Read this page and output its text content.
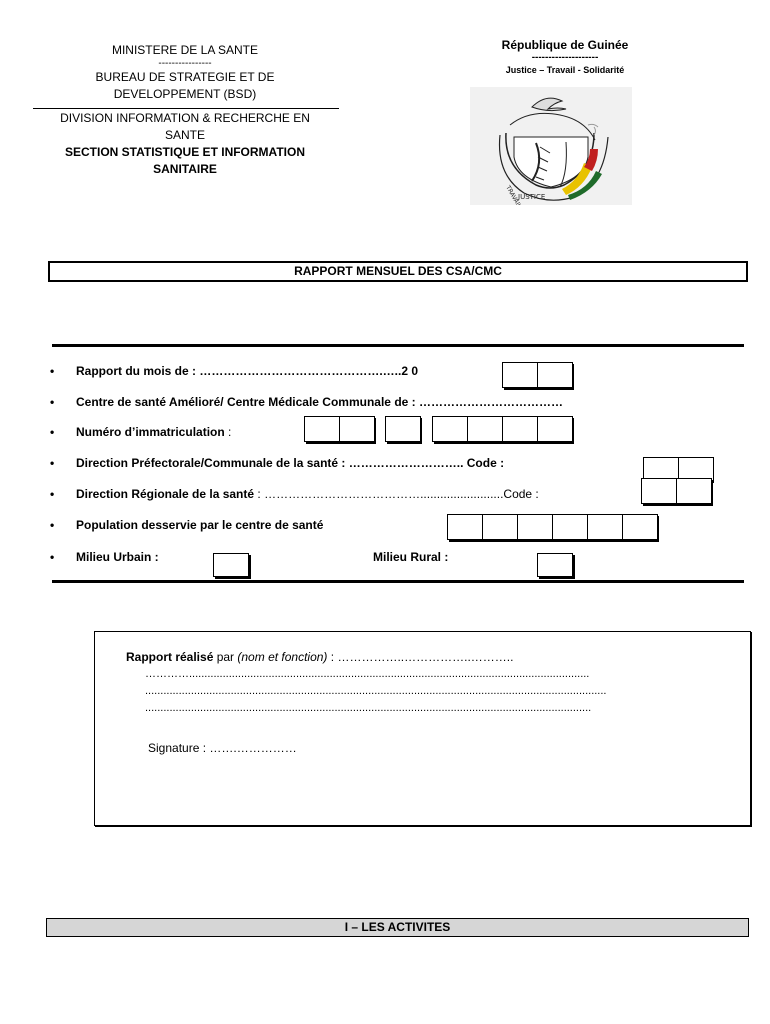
MINISTERE DE LA SANTE
----------------
BUREAU DE STRATEGIE ET DE
DEVELOPPEMENT (BSD)
DIVISION INFORMATION & RECHERCHE EN
SANTE
SECTION STATISTIQUE ET INFORMATION
SANITAIRE
République de Guinée
--------------------
Justice – Travail - Solidarité
JUSTICE
TRAVAIL
RAPPORT MENSUEL DES CSA/CMC
• Rapport du mois de : ……………………………………….…..2 0
• Centre de santé Amélioré/ Centre Médicale Communale de : ………………………………
• Numéro d’immatriculation :
• Direction Préfectorale/Communale de la santé : ……………………….. Code :
• Direction Régionale de la santé : ………………………………….........................Code :
• Population desservie par le centre de santé
• Milieu Urbain :	Milieu Rural :
Rapport réalisé par (nom et fonction) : ……………..……………..………..
…………...................................................................................................................................
.......................................................................................................................................................
..................................................................................................................................................
Signature : …….……………
I – LES ACTIVITES
